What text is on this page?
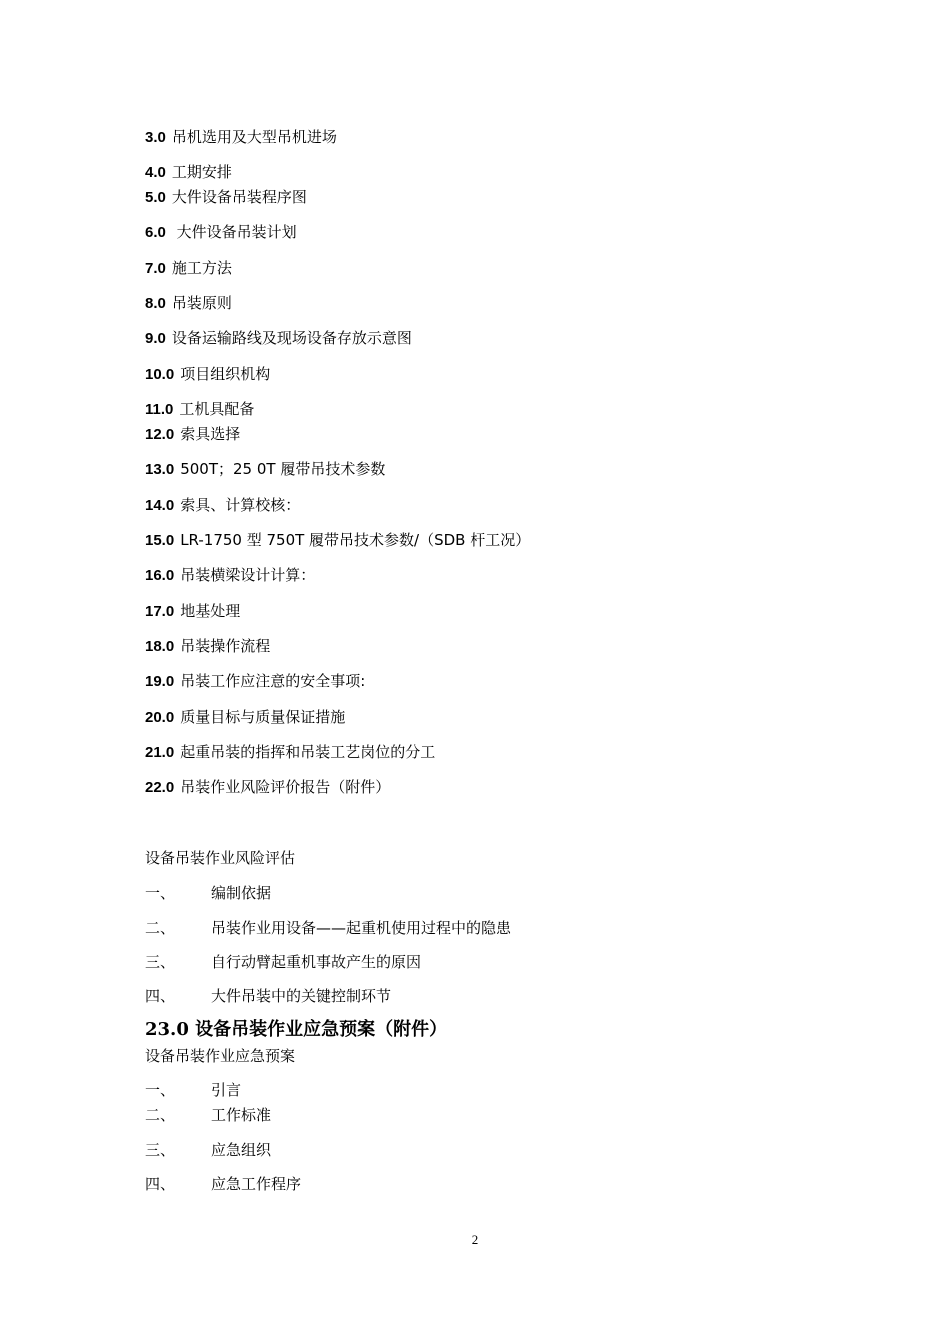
3.0 吊机选用及大型吊机进场
4.0 工期安排
5.0 大件设备吊装程序图
6.0 大件设备吊装计划
7.0 施工方法
8.0 吊装原则
9.0 设备运输路线及现场设备存放示意图
10.0 项目组织机构
11.0 工机具配备
12.0 索具选择
13.0 500T；25 0T 履带吊技术参数
14.0 索具、计算校核：
15.0 LR-1750 型 750T 履带吊技术参数/（SDB 杆工况）
16.0 吊装横梁设计计算：
17.0 地基处理
18.0 吊装操作流程
19.0 吊装工作应注意的安全事项:
20.0 质量目标与质量保证措施
21.0 起重吊装的指挥和吊装工艺岗位的分工
22.0 吊装作业风险评价报告（附件）
设备吊装作业风险评估
一、 编制依据
二、 吊装作业用设备——起重机使用过程中的隐患
三、 自行动臂起重机事故产生的原因
四、 大件吊装中的关键控制环节
23.0 设备吊装作业应急预案（附件）
设备吊装作业应急预案
一、 引言
二、 工作标准
三、 应急组织
四、 应急工作程序
2
